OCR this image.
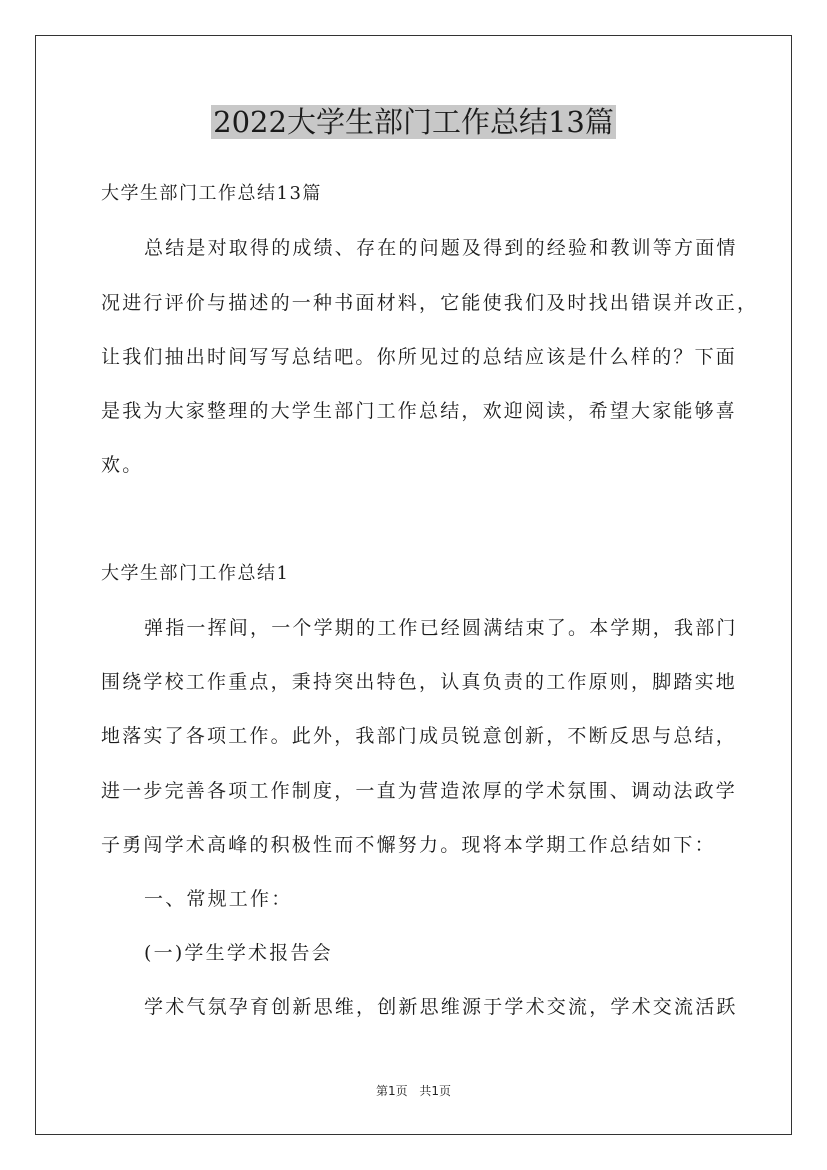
2022大学生部门工作总结13篇
大学生部门工作总结13篇
总结是对取得的成绩、存在的问题及得到的经验和教训等方面情
况进行评价与描述的一种书面材料，它能使我们及时找出错误并改正，
让我们抽出时间写写总结吧。你所见过的总结应该是什么样的？下面
是我为大家整理的大学生部门工作总结，欢迎阅读，希望大家能够喜
欢。
大学生部门工作总结1
弹指一挥间，一个学期的工作已经圆满结束了。本学期，我部门
围绕学校工作重点，秉持突出特色，认真负责的工作原则，脚踏实地
地落实了各项工作。此外，我部门成员锐意创新，不断反思与总结，
进一步完善各项工作制度，一直为营造浓厚的学术氛围、调动法政学
子勇闯学术高峰的积极性而不懈努力。现将本学期工作总结如下：
一、常规工作：
(一)学生学术报告会
学术气氛孕育创新思维，创新思维源于学术交流，学术交流活跃
第1页 共1页
